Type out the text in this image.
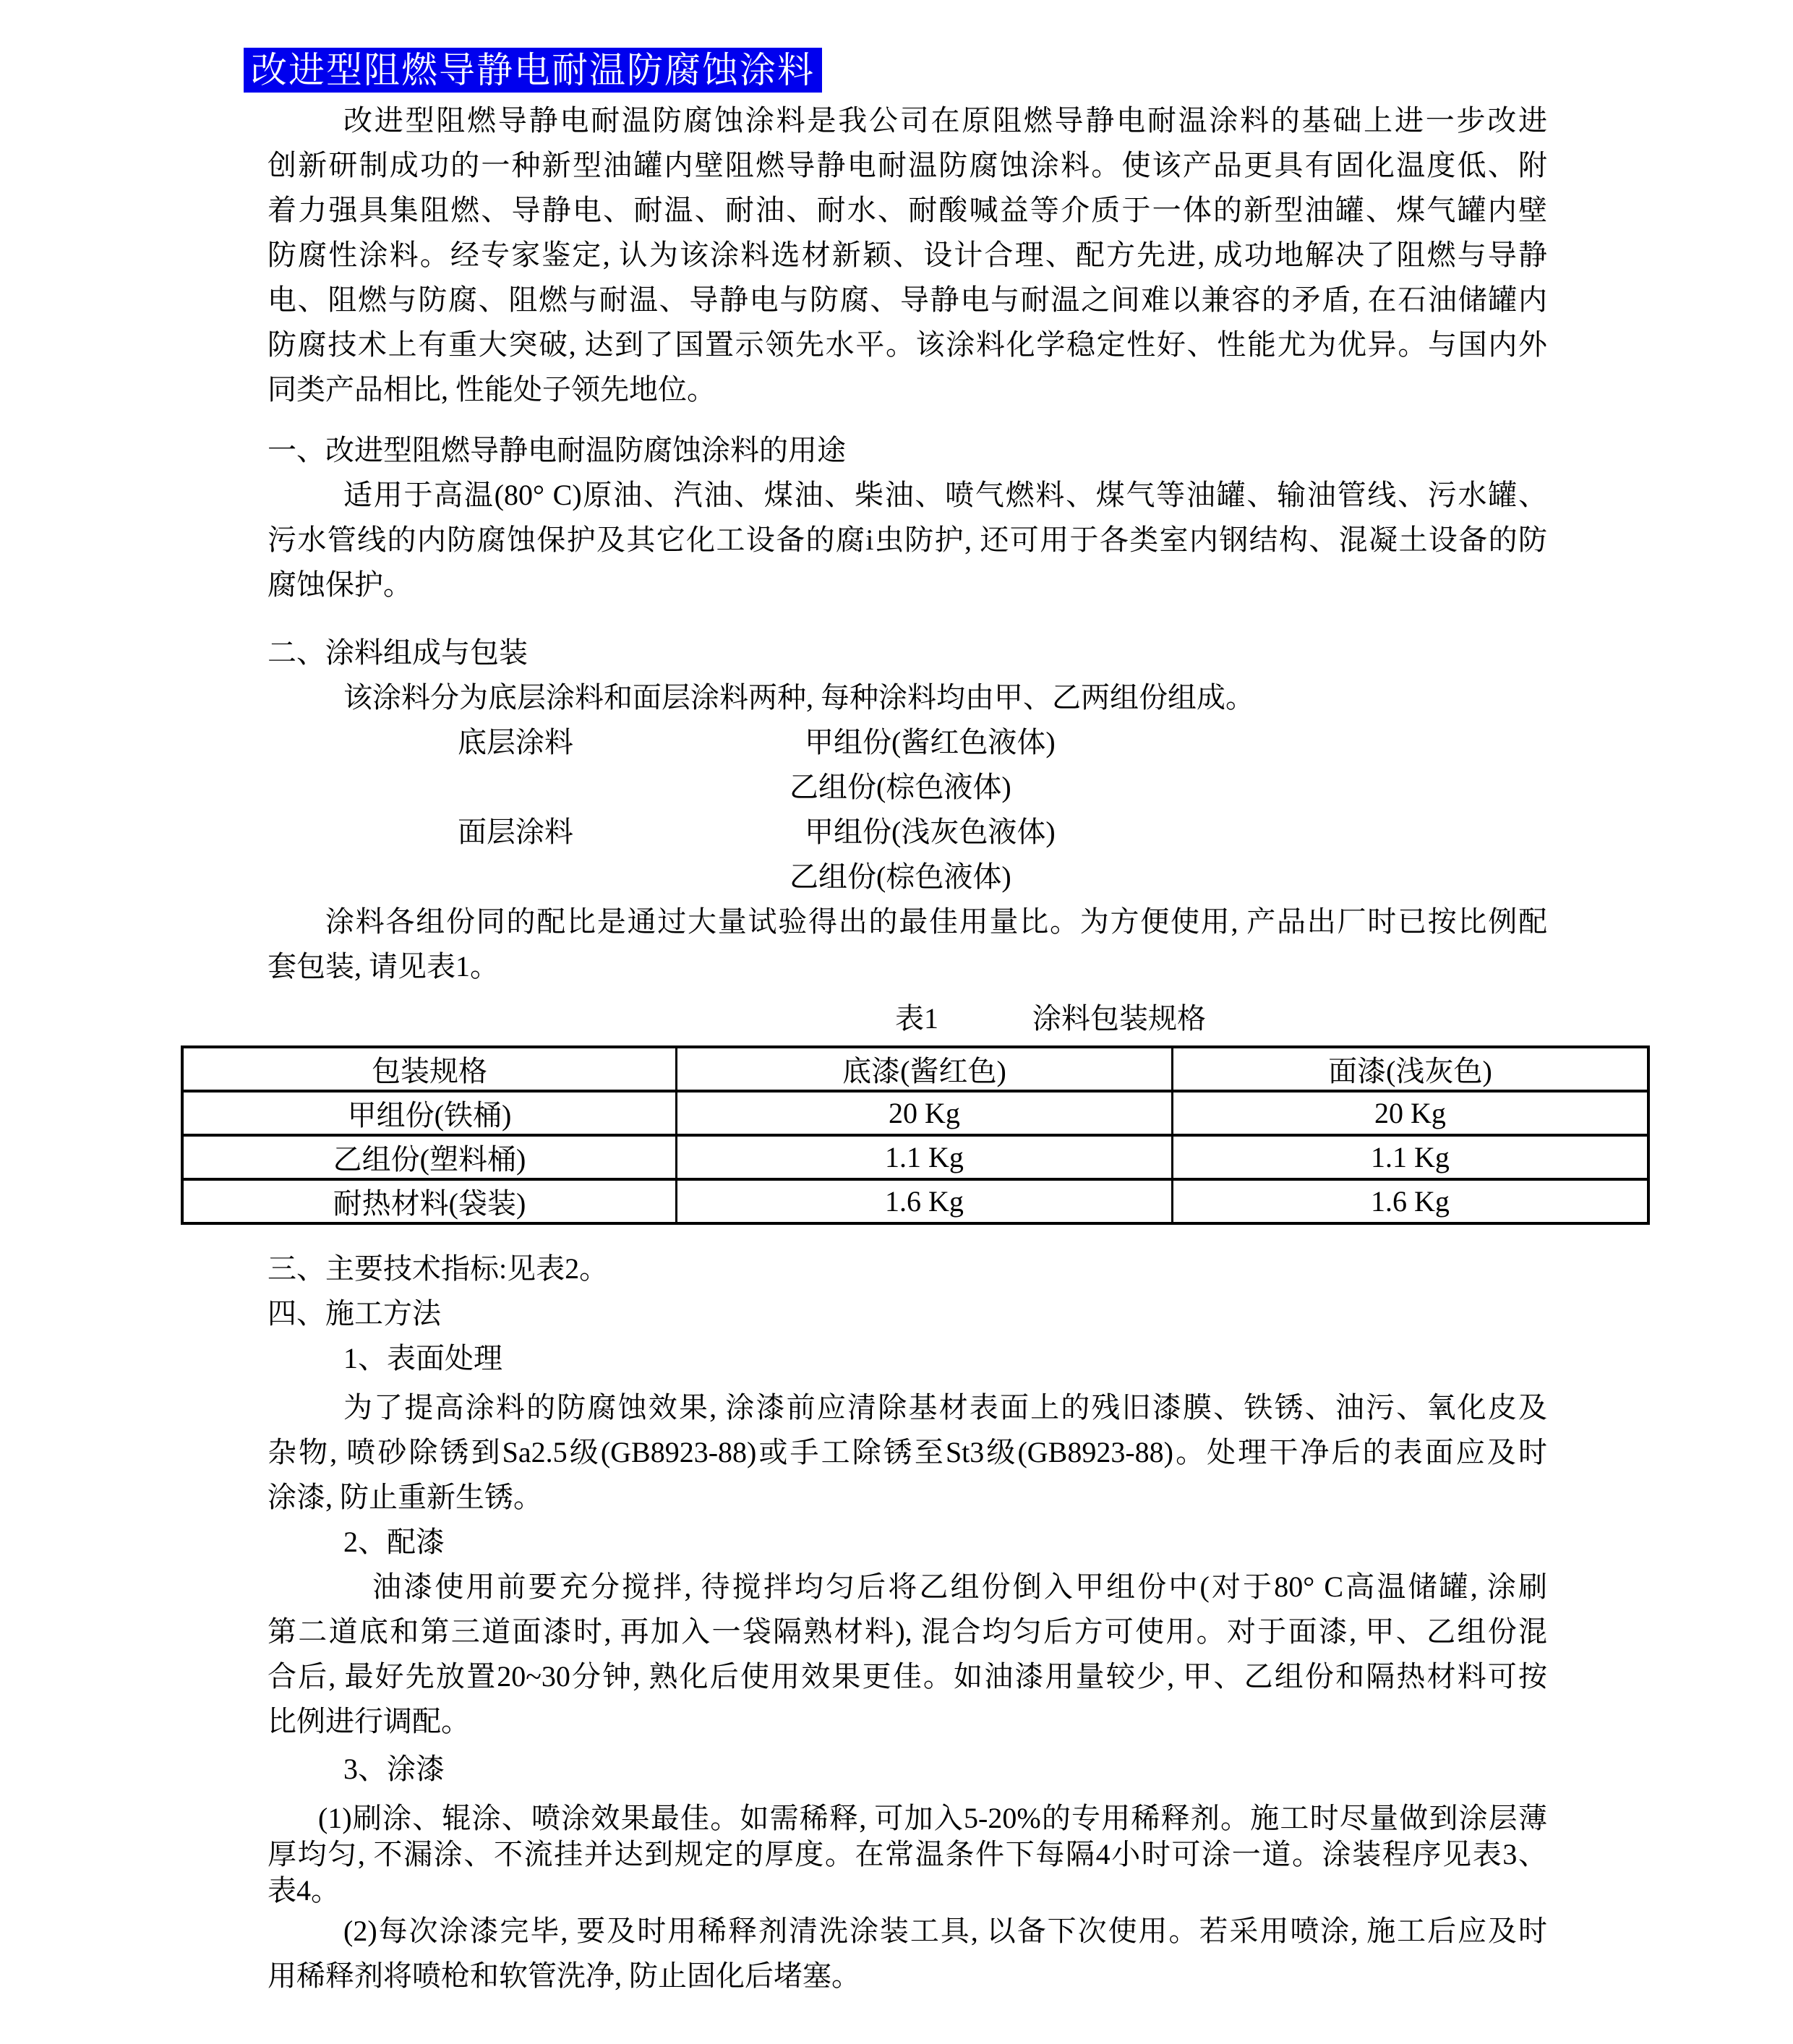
改进型阻燃导静电耐温防腐蚀涂料
改进型阻燃导静电耐温防腐蚀涂料是我公司在原阻燃导静电耐温涂料的基础上进一步改进
创新研制成功的一种新型油罐内壁阻燃导静电耐温防腐蚀涂料。使该产品更具有固化温度低、附
着力强具集阻燃、导静电、耐温、耐油、耐水、耐酸喊益等介质于一体的新型油罐、煤气罐内壁
防腐性涂料。经专家鉴定, 认为该涂料选材新颖、设计合理、配方先进, 成功地解决了阻燃与导静
电、阻燃与防腐、阻燃与耐温、导静电与防腐、导静电与耐温之间难以兼容的矛盾, 在石油储罐内
防腐技术上有重大突破, 达到了国置示领先水平。该涂料化学稳定性好、性能尤为优异。与国内外
同类产品相比, 性能处子领先地位。
一、改进型阻燃导静电耐温防腐蚀涂料的用途
适用于高温(80° C)原油、汽油、煤油、柴油、喷气燃料、煤气等油罐、输油管线、污水罐、
污水管线的内防腐蚀保护及其它化工设备的腐i虫防护, 还可用于各类室内钢结构、混凝土设备的防
腐蚀保护。
二、涂料组成与包装
该涂料分为底层涂料和面层涂料两种, 每种涂料均由甲、乙两组份组成。
底层涂料	甲组份(酱红色液体)
乙组份(棕色液体)
面层涂料	甲组份(浅灰色液体)
乙组份(棕色液体)
涂料各组份同的配比是通过大量试验得出的最佳用量比。为方便使用, 产品出厂时已按比例配
套包装, 请见表1。
表1	涂料包装规格
包装规格	底漆(酱红色)	面漆(浅灰色)
甲组份(铁桶)	20 Kg	20 Kg
乙组份(塑料桶)	1.1 Kg	1.1 Kg
耐热材料(袋装)	1.6 Kg	1.6 Kg
三、主要技术指标:见表2。
四、施工方法
1、表面处理
为了提高涂料的防腐蚀效果, 涂漆前应清除基材表面上的残旧漆膜、铁锈、油污、氧化皮及
杂物, 喷砂除锈到Sa2.5级(GB8923-88)或手工除锈至St3级(GB8923-88)。处理干净后的表面应及时
涂漆, 防止重新生锈。
2、配漆
油漆使用前要充分搅拌, 待搅拌均匀后将乙组份倒入甲组份中(对于80° C高温储罐, 涂刷
第二道底和第三道面漆时, 再加入一袋隔熟材料), 混合均匀后方可使用。对于面漆, 甲、乙组份混
合后, 最好先放置20~30分钟, 熟化后使用效果更佳。如油漆用量较少, 甲、乙组份和隔热材料可按
比例进行调配。
3、涂漆
(1)刷涂、辊涂、喷涂效果最佳。如需稀释, 可加入5-20%的专用稀释剂。施工时尽量做到涂层薄
厚均匀, 不漏涂、不流挂并达到规定的厚度。在常温条件下每隔4小时可涂一道。涂装程序见表3、
表4。
(2)每次涂漆完毕, 要及时用稀释剂清洗涂装工具, 以备下次使用。若采用喷涂, 施工后应及时
用稀释剂将喷枪和软管洗净, 防止固化后堵塞。
